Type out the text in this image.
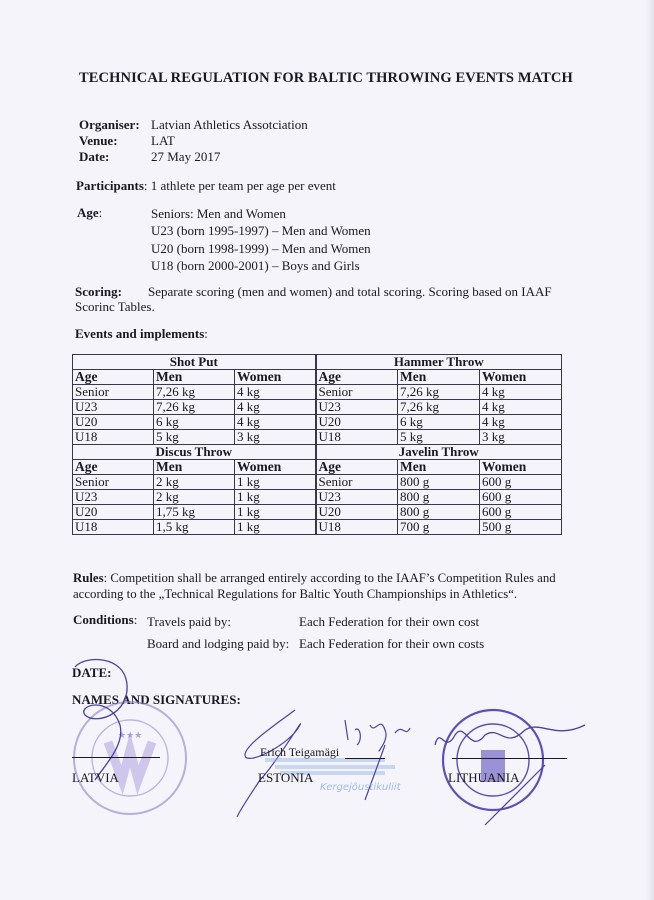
TECHNICAL REGULATION FOR BALTIC THROWING EVENTS MATCH
Organiser: Latvian Athletics Assotciation
Venue:	LAT
Date:	27 May 2017
Participants: 1 athlete per team per age per event
Age:	Seniors: Men and Women
U23 (born 1995-1997) – Men and Women
U20 (born 1998-1999) – Men and Women
U18 (born 2000-2001) – Boys and Girls
Scoring: Separate scoring (men and women) and total scoring. Scoring based on IAAF
Scorinc Tables.
Events and implements:
Shot Put			Hammer Throw		
Age	Men	Women	Age	Men	Women
Senior	7,26 kg	4 kg	Senior	7,26 kg	4 kg
U23	7,26 kg	4 kg	U23	7,26 kg	4 kg
U20	6 kg	4 kg	U20	6 kg	4 kg
U18	5 kg	3 kg	U18	5 kg	3 kg
Discus Throw			Javelin Throw		
Age	Men	Women	Age	Men	Women
Senior	2 kg	1 kg	Senior	800 g	600 g
U23	2 kg	1 kg	U23	800 g	600 g
U20	1,75 kg	1 kg	U20	800 g	600 g
U18	1,5 kg	1 kg	U18	700 g	500 g
Rules: Competition shall be arranged entirely according to the IAAF’s Competition Rules and
according to the „Technical Regulations for Baltic Youth Championships in Athletics“.
Conditions: Travels paid by:	Each Federation for their own cost
Board and lodging paid by: Each Federation for their own costs
DATE:
NAMES AND SIGNATURES:
★★★
LATVIA
Erich Teigamägi
ESTONIA
Kergejõustikuliit
LITHUANIA
